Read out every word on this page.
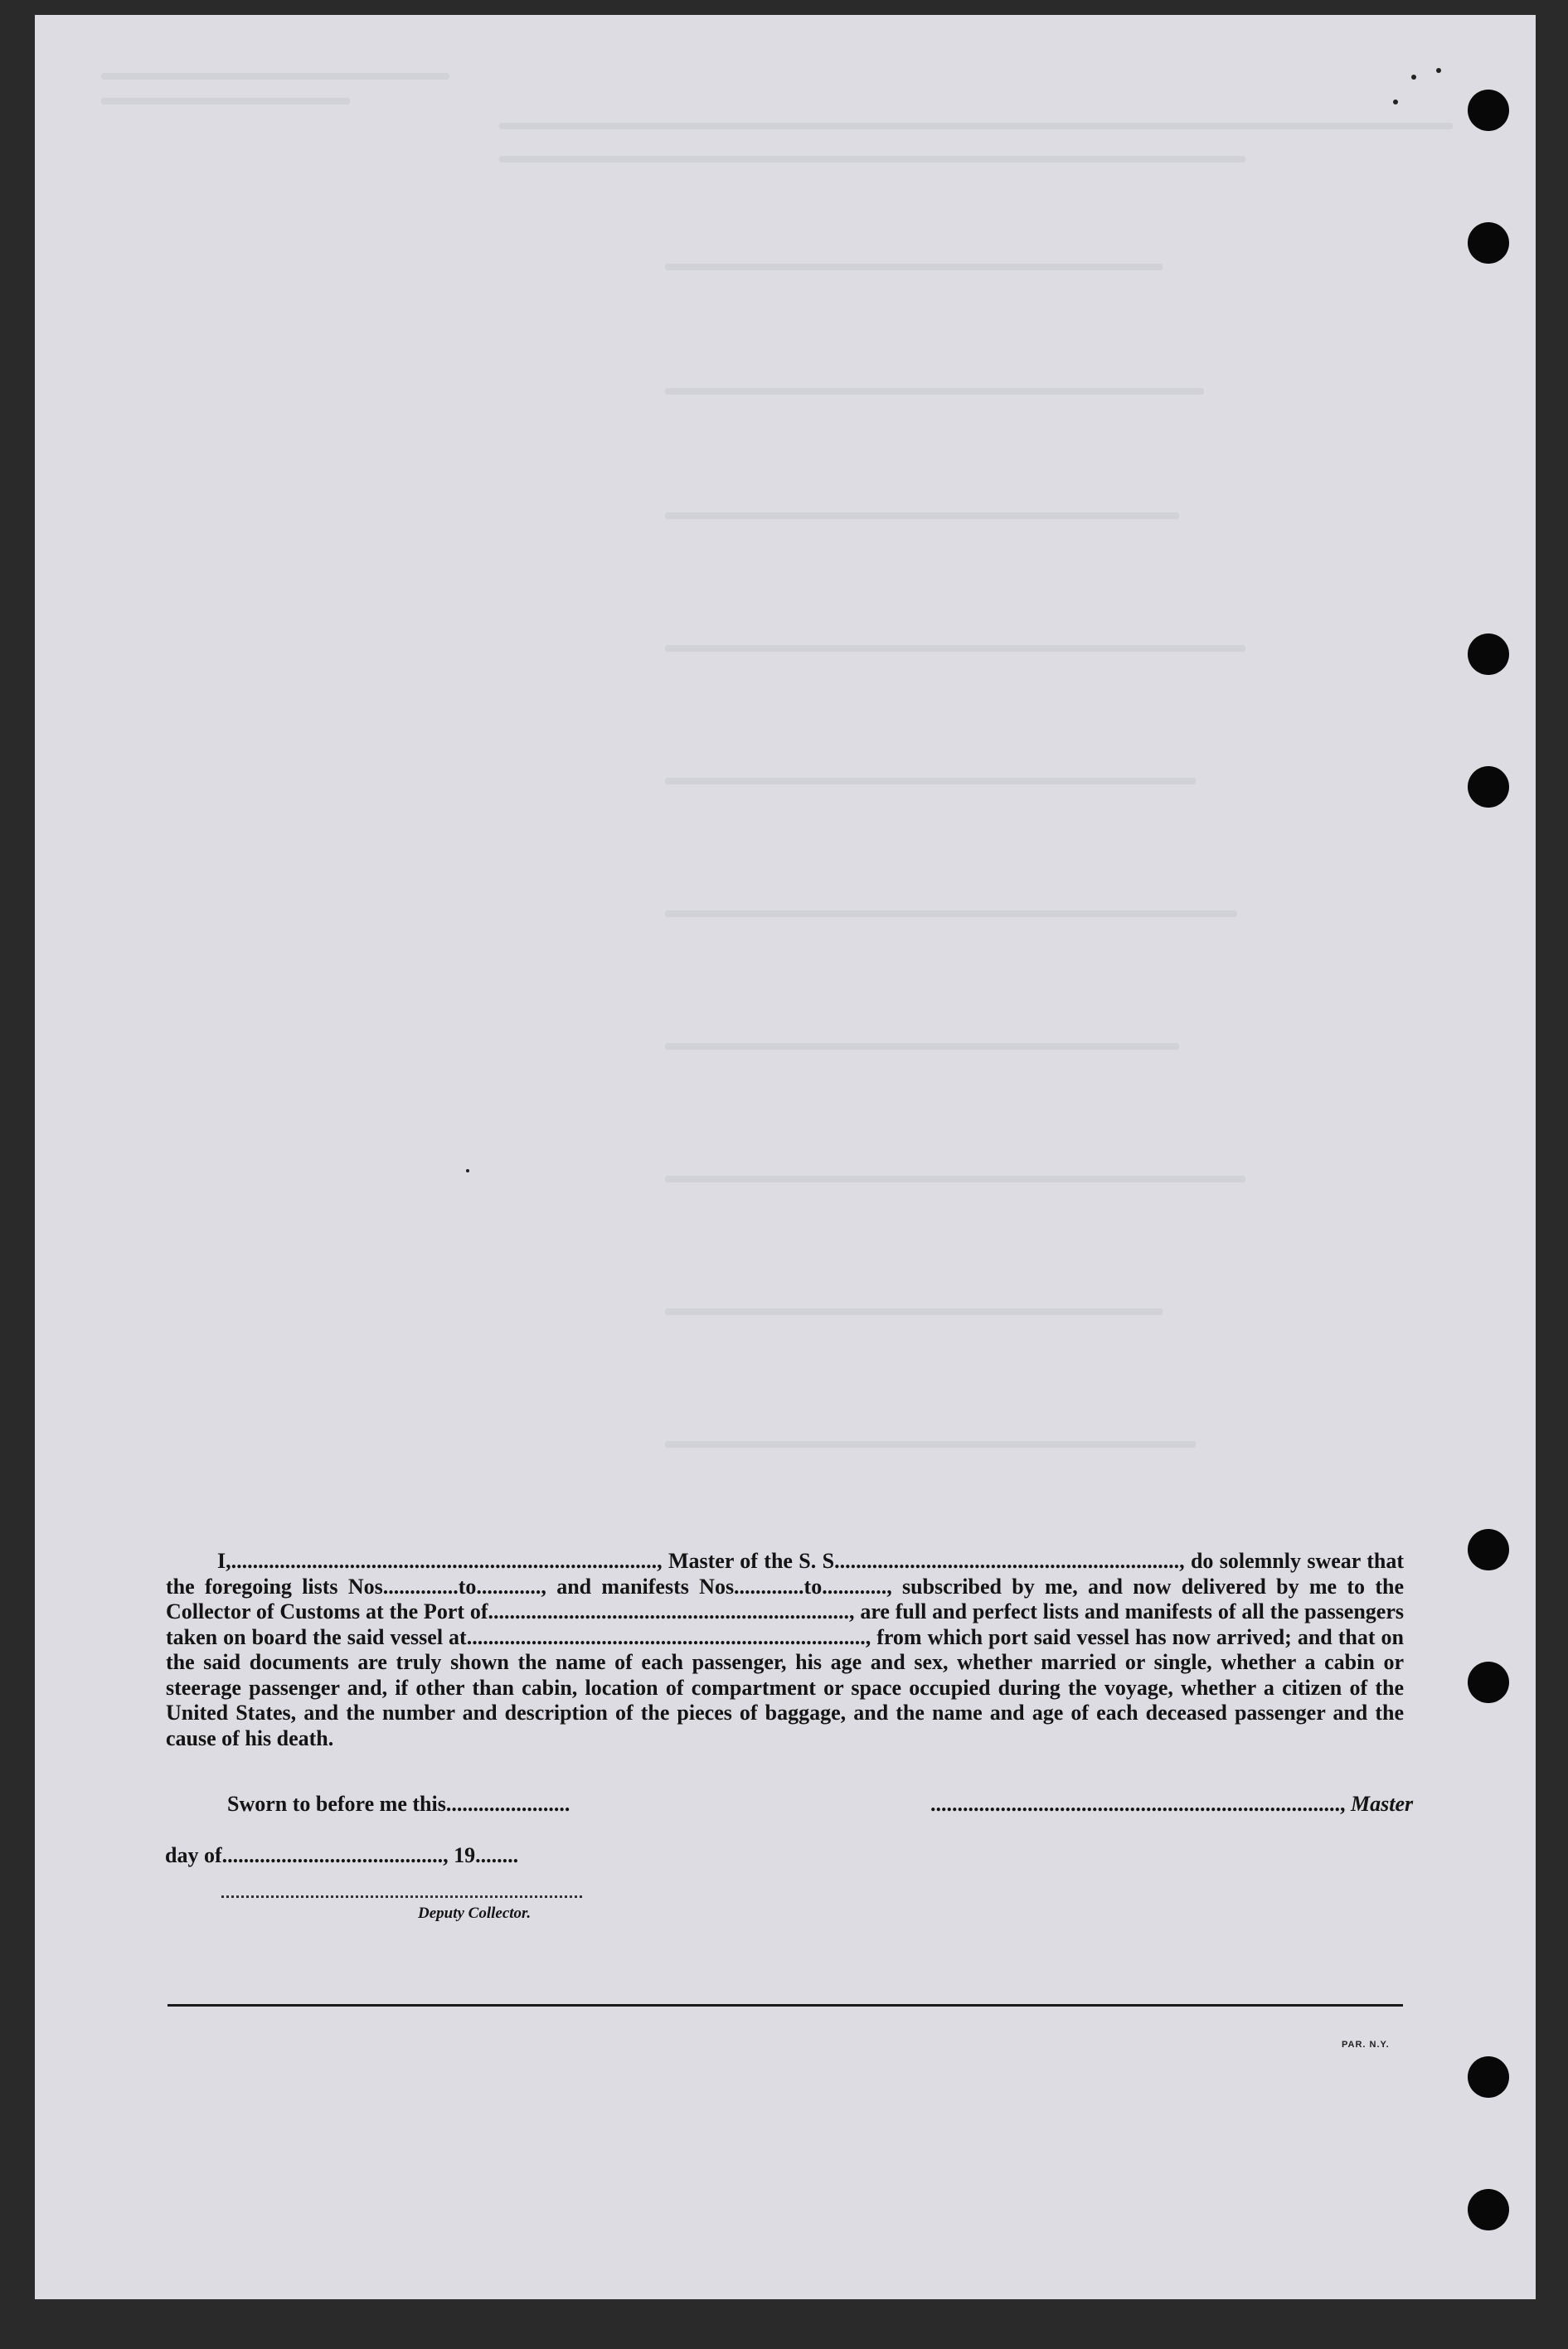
I,..............................................................................., Master of the S. S................................................................, do solemnly swear that the foregoing lists Nos..............to............, and manifests Nos.............to............, subscribed by me, and now delivered by me to the Collector of Customs at the Port of..................................................................., are full and perfect lists and manifests of all the passengers taken on board the said vessel at.........................................................................., from which port said vessel has now arrived; and that on the said documents are truly shown the name of each passenger, his age and sex, whether married or single, whether a cabin or steerage passenger and, if other than cabin, location of compartment or space occupied during the voyage, whether a citizen of the United States, and the number and description of the pieces of baggage, and the name and age of each deceased passenger and the cause of his death.

Sworn to before me this.......................	............................................................................, Master
day of........................................., 19........
Deputy Collector.
PAR. N.Y.
